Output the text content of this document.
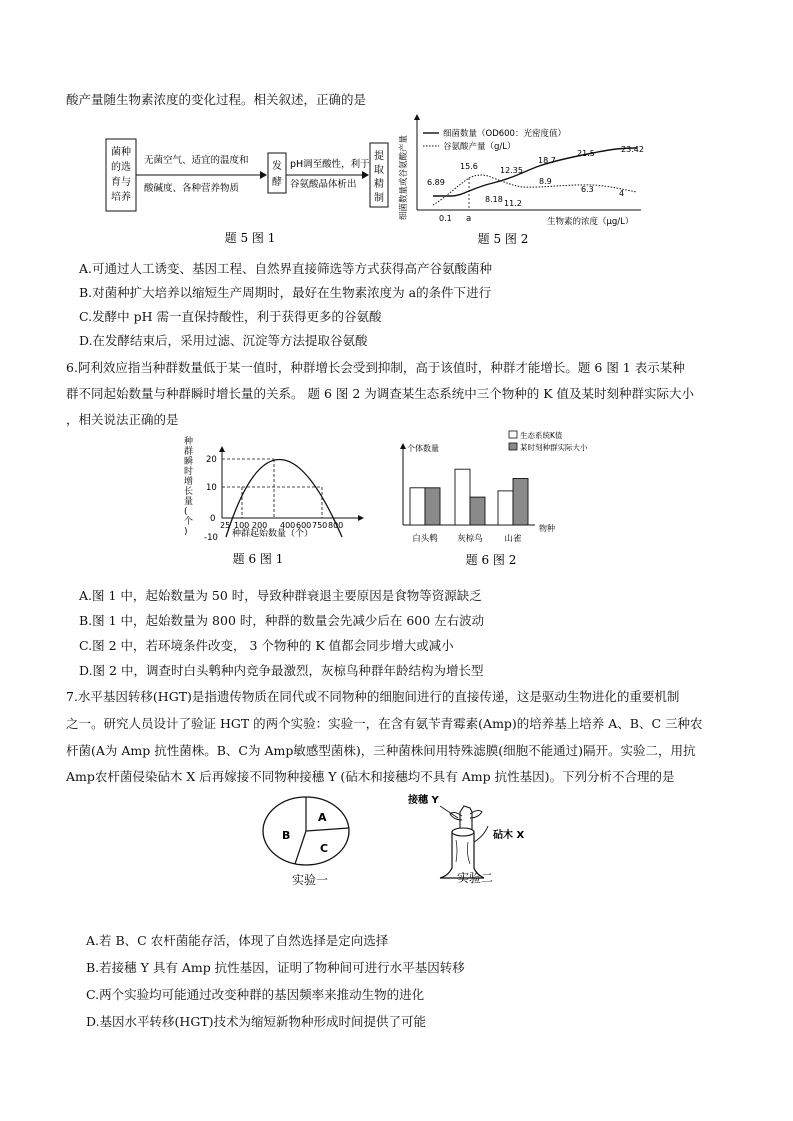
酸产量随生物素浓度的变化过程。相关叙述，正确的是
菌种
的选
育与
培养
无菌空气、适宜的温度和
酸碱度、各种营养物质
发
酵
pH调至酸性，利于
谷氨酸晶体析出
提
取
精
制
题 5 图 1
细菌数量或谷氨酸产量
细菌数量（OD600：光密度值）
谷氨酸产量（g/L）
6.89
15.6	12.35
8.18 11.2
18.7
8.9
21.5
6.3
23.42
4
0.1 a	生物素的浓度（μg/L）
题 5 图 2
A.可通过人工诱变、基因工程、自然界直接筛选等方式获得高产谷氨酸菌种
B.对菌种扩大培养以缩短生产周期时，最好在生物素浓度为 a的条件下进行
C.发酵中 pH 需一直保持酸性，利于获得更多的谷氨酸
D.在发酵结束后，采用过滤、沉淀等方法提取谷氨酸
6.阿利效应指当种群数量低于某一值时，种群增长会受到抑制，高于该值时，种群才能增长。题 6 图 1 表示某种
群不同起始数量与种群瞬时增长量的关系。 题 6 图 2 为调查某生态系统中三个物种的 K 值及某时刻种群实际大小
，相关说法正确的是
种
群
瞬
时
增
长
量
(
个
)
20
10
0
-10
25 100 200 400 600 750 800
种群起始数量（个）
题 6 图 1
个体数量
生态系统K值
某时刻种群实际大小
白头鹎 灰椋鸟	山雀
物种
题 6 图 2
A.图 1 中，起始数量为 50 时，导致种群衰退主要原因是食物等资源缺乏
B.图 1 中，起始数量为 800 时，种群的数量会先减少后在 600 左右波动
C.图 2 中，若环境条件改变， 3 个物种的 K 值都会同步增大或减小
D.图 2 中，调查时白头鹎种内竞争最激烈，灰椋鸟种群年龄结构为增长型
7.水平基因转移(HGT)是指遗传物质在同代或不同物种的细胞间进行的直接传递，这是驱动生物进化的重要机制
之一。研究人员设计了验证 HGT 的两个实验：实验一，在含有氨苄青霉素(Amp)的培养基上培养 A、B、C 三种农
杆菌(A为 Amp 抗性菌株。B、C为 Amp敏感型菌株)，三种菌株间用特殊滤膜(细胞不能通过)隔开。实验二，用抗
Amp农杆菌侵染砧木 X 后再嫁接不同物种接穗 Y (砧木和接穗均不具有 Amp 抗性基因)。下列分析不合理的是
A
B
C
实验一
接穗 Y
砧木 X
实验二
A.若 B、C 农杆菌能存活，体现了自然选择是定向选择
B.若接穗 Y 具有 Amp 抗性基因，证明了物种间可进行水平基因转移
C.两个实验均可能通过改变种群的基因频率来推动生物的进化
D.基因水平转移(HGT)技术为缩短新物种形成时间提供了可能
